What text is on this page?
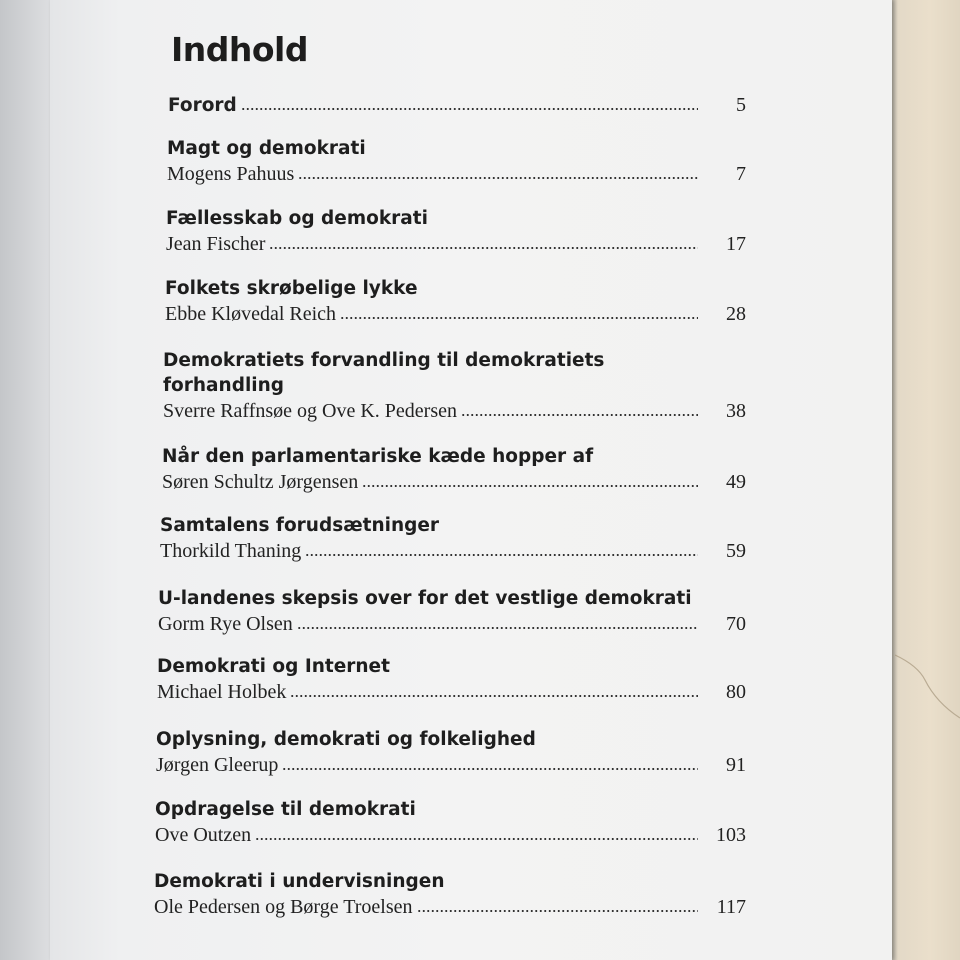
Indhold
Forord	5
Magt og demokrati
Mogens Pahuus	7
Fællesskab og demokrati
Jean Fischer	17
Folkets skrøbelige lykke
Ebbe Kløvedal Reich	28
Demokratiets forvandling til demokratiets
forhandling
Sverre Raffnsøe og Ove K. Pedersen	38
Når den parlamentariske kæde hopper af
Søren Schultz Jørgensen	49
Samtalens forudsætninger
Thorkild Thaning	59
U-landenes skepsis over for det vestlige demokrati
Gorm Rye Olsen	70
Demokrati og Internet
Michael Holbek	80
Oplysning, demokrati og folkelighed
Jørgen Gleerup	91
Opdragelse til demokrati
Ove Outzen	103
Demokrati i undervisningen
Ole Pedersen og Børge Troelsen	117
